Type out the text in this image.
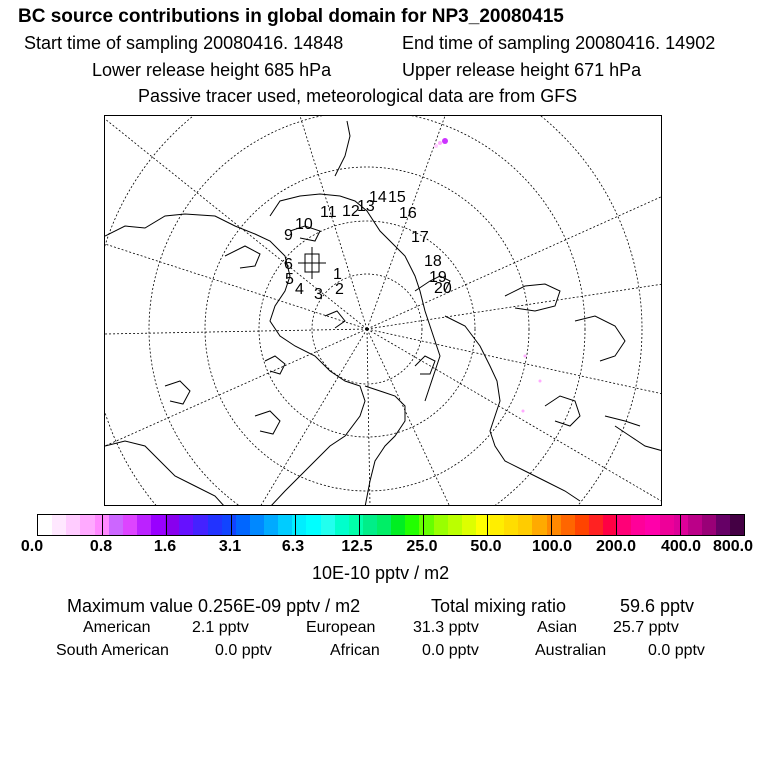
BC source contributions in global domain for NP3_20080415
Start time of sampling 20080416. 14848	End time of sampling 20080416. 14902
Lower release height 685 hPa	Upper release height 671 hPa
Passive tracer used, meteorological data are from GFS
1
2
3
4
5
6
9
10
11 12
13
14 15
16
17
18
19
20
0.0	0.8	1.6	3.1	6.3 12.5 25.0 50.0 100.0 200.0 400.0 800.0
10E-10 pptv / m2
Maximum value 0.256E-09 pptv / m2	Total mixing ratio	59.6 pptv
American	2.1 pptv	European 31.3 pptv	Asian 25.7 pptv
South American	0.0 pptv	African	0.0 pptv	Australian	0.0 pptv
